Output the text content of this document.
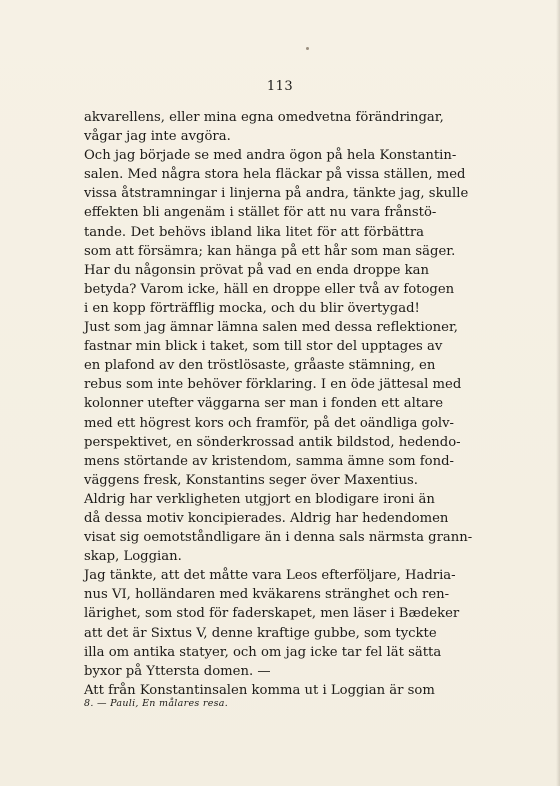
113
akvarellens, eller mina egna omedvetna förändringar,
vågar jag inte avgöra.
Och jag började se med andra ögon på hela Konstantin-
salen. Med några stora hela fläckar på vissa ställen, med
vissa åtstramningar i linjerna på andra, tänkte jag, skulle
effekten bli angenäm i stället för att nu vara frånstö-
tande. Det behövs ibland lika litet för att förbättra
som att försämra; kan hänga på ett hår som man säger.
Har du någonsin prövat på vad en enda droppe kan
betyda? Varom icke, häll en droppe eller två av fotogen
i en kopp förträfflig mocka, och du blir övertygad!
Just som jag ämnar lämna salen med dessa reflektioner,
fastnar min blick i taket, som till stor del upptages av
en plafond av den tröstlösaste, gråaste stämning, en
rebus som inte behöver förklaring. I en öde jättesal med
kolonner utefter väggarna ser man i fonden ett altare
med ett högrest kors och framför, på det oändliga golv-
perspektivet, en sönderkrossad antik bildstod, hedendo-
mens störtande av kristendom, samma ämne som fond-
väggens fresk, Konstantins seger över Maxentius.
Aldrig har verkligheten utgjort en blodigare ironi än
då dessa motiv koncipierades. Aldrig har hedendomen
visat sig oemotståndligare än i denna sals närmsta grann-
skap, Loggian.
Jag tänkte, att det måtte vara Leos efterföljare, Hadria-
nus VI, holländaren med kväkarens stränghet och ren-
lärighet, som stod för faderskapet, men läser i Bædeker
att det är Sixtus V, denne kraftige gubbe, som tyckte
illa om antika statyer, och om jag icke tar fel lät sätta
byxor på Yttersta domen. —
Att från Konstantinsalen komma ut i Loggian är som
8. — Pauli, En målares resa.
